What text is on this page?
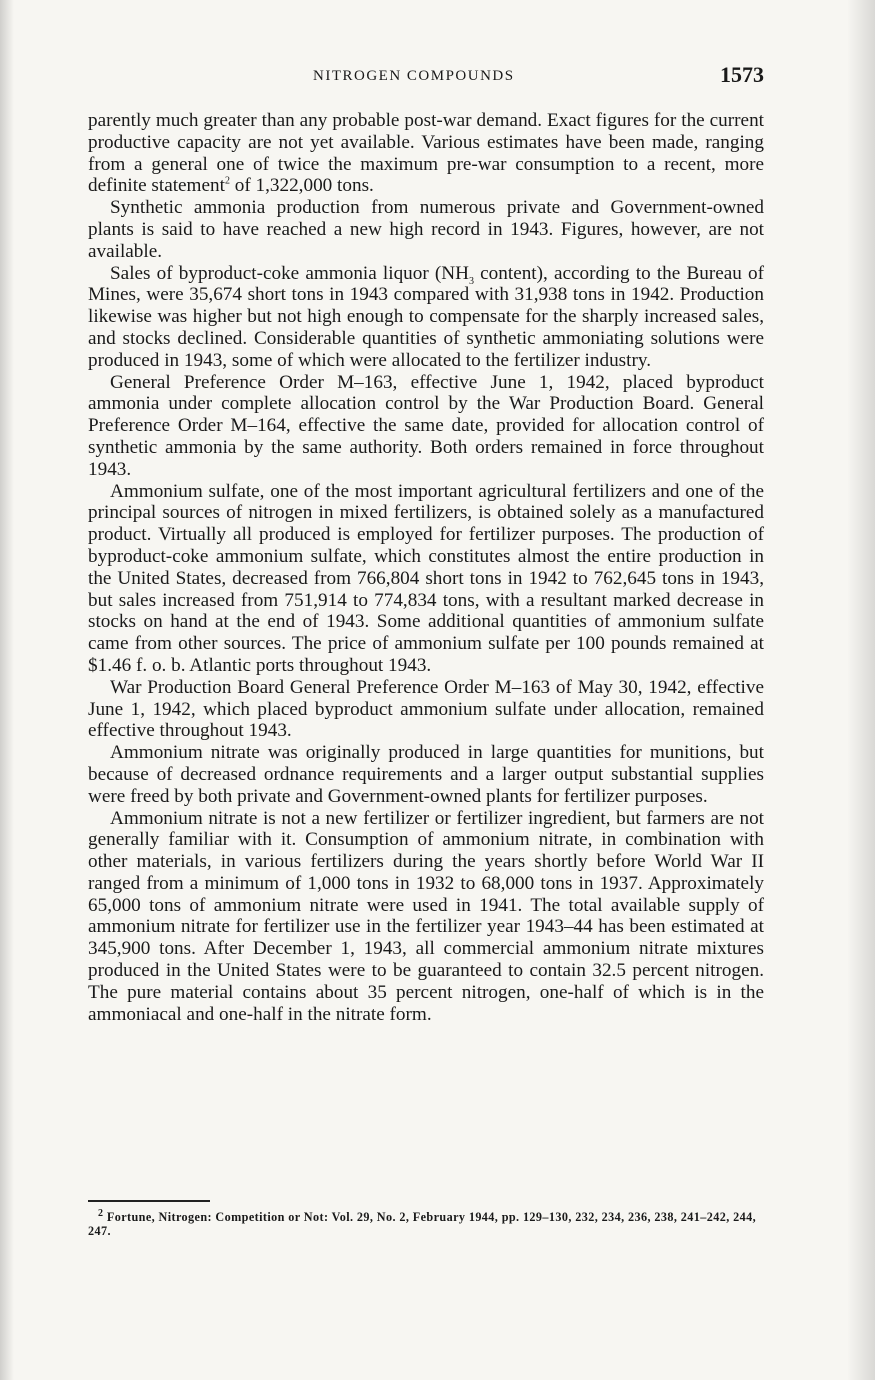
NITROGEN COMPOUNDS	1573

parently much greater than any probable post-war demand. Exact figures for the current productive capacity are not yet available. Various estimates have been made, ranging from a general one of twice the maximum pre-war consumption to a recent, more definite statement$^2$ of 1,322,000 tons.

Synthetic ammonia production from numerous private and Government-owned plants is said to have reached a new high record in 1943. Figures, however, are not available.

Sales of byproduct-coke ammonia liquor ($NH_3$ content), according to the Bureau of Mines, were 35,674 short tons in 1943 compared with 31,938 tons in 1942. Production likewise was higher but not high enough to compensate for the sharply increased sales, and stocks declined. Considerable quantities of synthetic ammoniating solutions were produced in 1943, some of which were allocated to the fertilizer industry.

General Preference Order M–163, effective June 1, 1942, placed byproduct ammonia under complete allocation control by the War Production Board. General Preference Order M–164, effective the same date, provided for allocation control of synthetic ammonia by the same authority. Both orders remained in force throughout 1943.

Ammonium sulfate, one of the most important agricultural fertilizers and one of the principal sources of nitrogen in mixed fertilizers, is obtained solely as a manufactured product. Virtually all produced is employed for fertilizer purposes. The production of byproduct-coke ammonium sulfate, which constitutes almost the entire production in the United States, decreased from 766,804 short tons in 1942 to 762,645 tons in 1943, but sales increased from 751,914 to 774,834 tons, with a resultant marked decrease in stocks on hand at the end of 1943. Some additional quantities of ammonium sulfate came from other sources. The price of ammonium sulfate per 100 pounds remained at $1.46 f. o. b. Atlantic ports throughout 1943.

War Production Board General Preference Order M–163 of May 30, 1942, effective June 1, 1942, which placed byproduct ammonium sulfate under allocation, remained effective throughout 1943.

Ammonium nitrate was originally produced in large quantities for munitions, but because of decreased ordnance requirements and a larger output substantial supplies were freed by both private and Government-owned plants for fertilizer purposes.

Ammonium nitrate is not a new fertilizer or fertilizer ingredient, but farmers are not generally familiar with it. Consumption of ammonium nitrate, in combination with other materials, in various fertilizers during the years shortly before World War II ranged from a minimum of 1,000 tons in 1932 to 68,000 tons in 1937. Approximately 65,000 tons of ammonium nitrate were used in 1941. The total available supply of ammonium nitrate for fertilizer use in the fertilizer year 1943–44 has been estimated at 345,900 tons. After December 1, 1943, all commercial ammonium nitrate mixtures produced in the United States were to be guaranteed to contain 32.5 percent nitrogen. The pure material contains about 35 percent nitrogen, one-half of which is in the ammoniacal and one-half in the nitrate form.

$^2$ Fortune, Nitrogen: Competition or Not: Vol. 29, No. 2, February 1944, pp. 129–130, 232, 234, 236, 238, 241–242, 244, 247.
